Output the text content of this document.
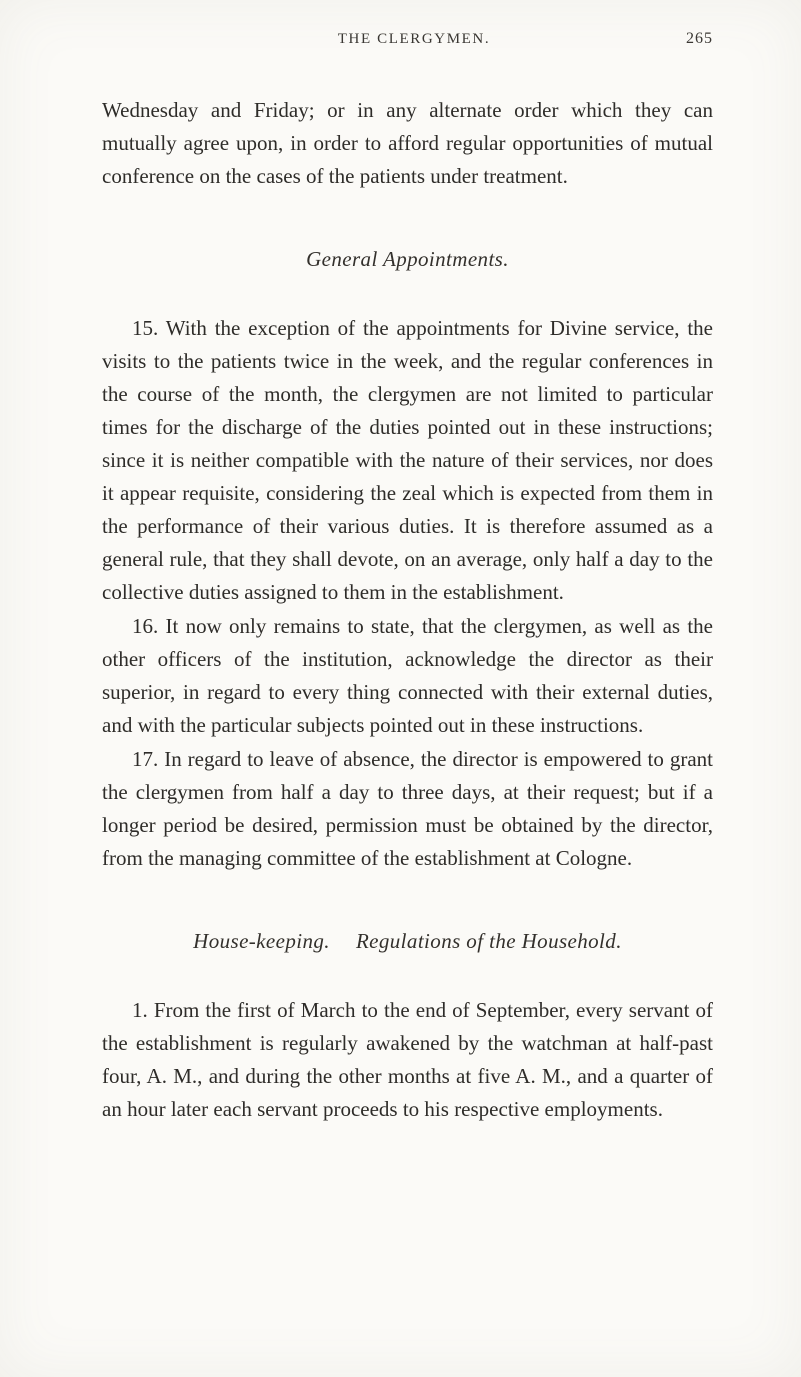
THE CLERGYMEN.	265

Wednesday and Friday; or in any alternate order which they can mutually agree upon, in order to afford regular opportunities of mutual conference on the cases of the patients under treatment.

General Appointments.

15. With the exception of the appointments for Divine service, the visits to the patients twice in the week, and the regular conferences in the course of the month, the clergymen are not limited to particular times for the discharge of the duties pointed out in these instructions; since it is neither compatible with the nature of their services, nor does it appear requisite, considering the zeal which is expected from them in the performance of their various duties. It is therefore assumed as a general rule, that they shall devote, on an average, only half a day to the collective duties assigned to them in the establishment.

16. It now only remains to state, that the clergymen, as well as the other officers of the institution, acknowledge the director as their superior, in regard to every thing connected with their external duties, and with the particular subjects pointed out in these instructions.

17. In regard to leave of absence, the director is empowered to grant the clergymen from half a day to three days, at their request; but if a longer period be desired, permission must be obtained by the director, from the managing committee of the establishment at Cologne.

House-keeping. Regulations of the Household.

1. From the first of March to the end of September, every servant of the establishment is regularly awakened by the watchman at half-past four, A. M., and during the other months at five A. M., and a quarter of an hour later each servant proceeds to his respective employments.
